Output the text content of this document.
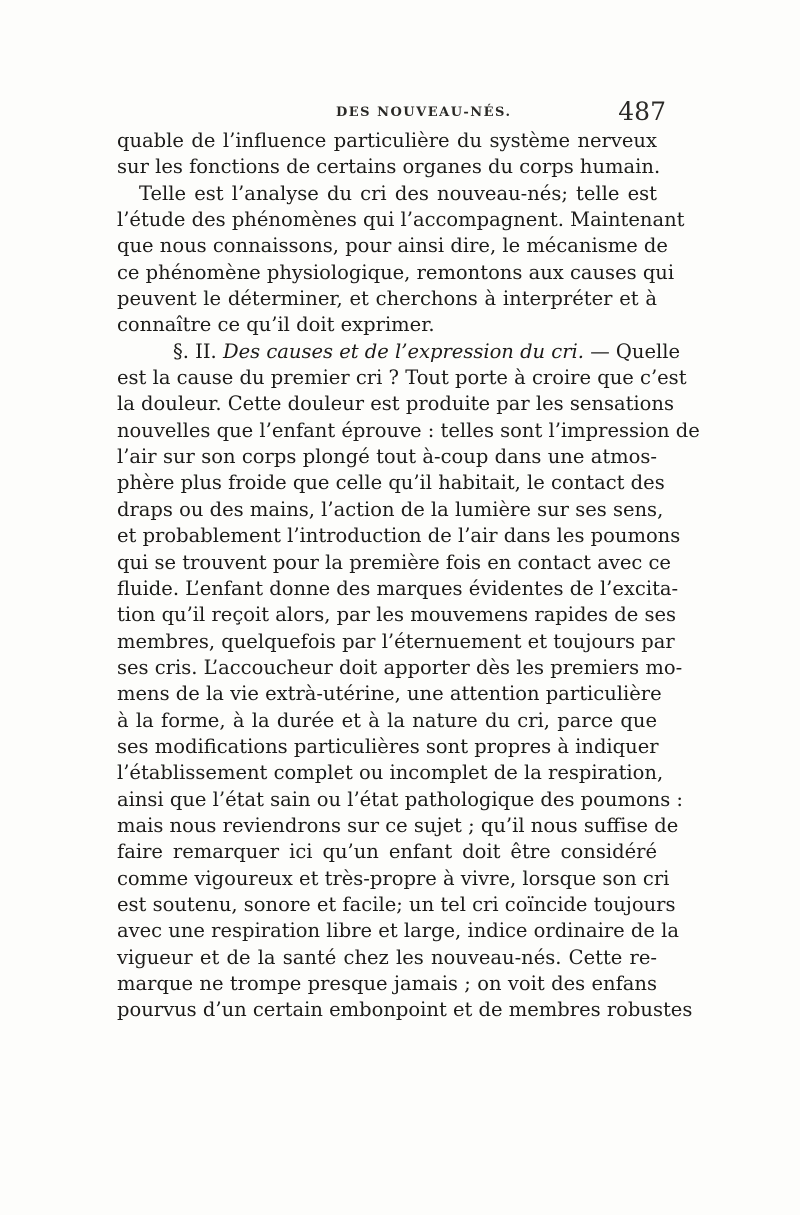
DES NOUVEAU-NÉS.	487
quable de l’influence particulière du système nerveux
sur les fonctions de certains organes du corps humain.
Telle est l’analyse du cri des nouveau-nés; telle est
l’étude des phénomènes qui l’accompagnent. Maintenant
que nous connaissons, pour ainsi dire, le mécanisme de
ce phénomène physiologique, remontons aux causes qui
peuvent le déterminer, et cherchons à interpréter et à
connaître ce qu’il doit exprimer.
§. II. Des causes et de l’expression du cri. — Quelle
est la cause du premier cri ? Tout porte à croire que c’est
la douleur. Cette douleur est produite par les sensations
nouvelles que l’enfant éprouve : telles sont l’impression de
l’air sur son corps plongé tout à-coup dans une atmos-
phère plus froide que celle qu’il habitait, le contact des
draps ou des mains, l’action de la lumière sur ses sens,
et probablement l’introduction de l’air dans les poumons
qui se trouvent pour la première fois en contact avec ce
fluide. L’enfant donne des marques évidentes de l’excita-
tion qu’il reçoit alors, par les mouvemens rapides de ses
membres, quelquefois par l’éternuement et toujours par
ses cris. L’accoucheur doit apporter dès les premiers mo-
mens de la vie extrà-utérine, une attention particulière
à la forme, à la durée et à la nature du cri, parce que
ses modifications particulières sont propres à indiquer
l’établissement complet ou incomplet de la respiration,
ainsi que l’état sain ou l’état pathologique des poumons :
mais nous reviendrons sur ce sujet ; qu’il nous suffise de
faire remarquer ici qu’un enfant doit être considéré
comme vigoureux et très-propre à vivre, lorsque son cri
est soutenu, sonore et facile; un tel cri coïncide toujours
avec une respiration libre et large, indice ordinaire de la
vigueur et de la santé chez les nouveau-nés. Cette re-
marque ne trompe presque jamais ; on voit des enfans
pourvus d’un certain embonpoint et de membres robustes
